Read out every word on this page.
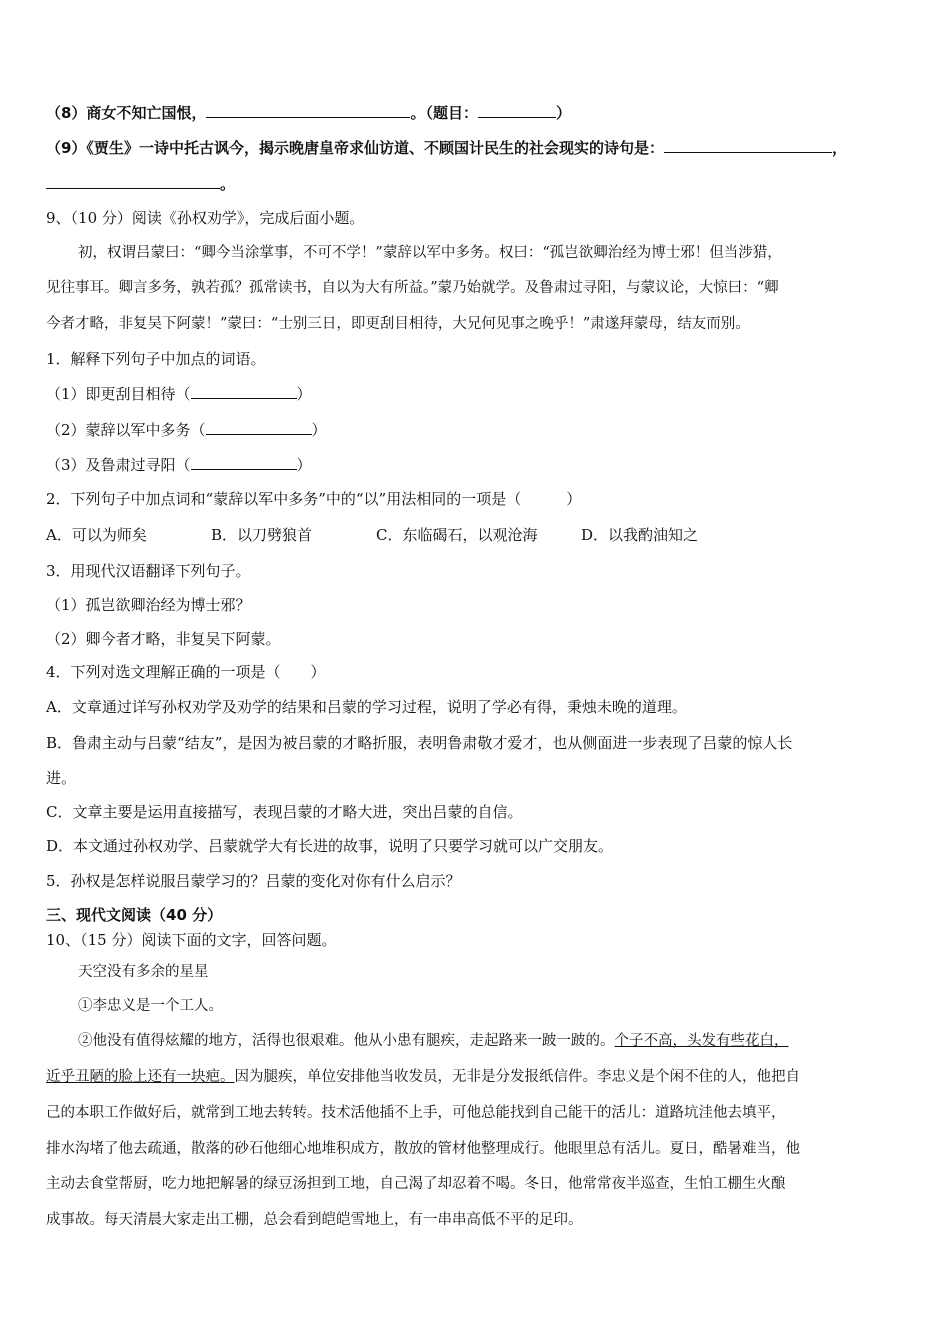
（8）商女不知亡国恨，	。（题目：	）
（9）《贾生》一诗中托古讽今，揭示晚唐皇帝求仙访道、不顾国计民生的社会现实的诗句是：	，
。
9、（10 分）阅读《孙权劝学》，完成后面小题。
初，权谓吕蒙曰：“卿今当涂掌事，不可不学！”蒙辞以军中多务。权曰：“孤岂欲卿治经为博士邪！但当涉猎，
见往事耳。卿言多务，孰若孤？孤常读书，自以为大有所益。”蒙乃始就学。及鲁肃过寻阳，与蒙议论，大惊曰：“卿
今者才略，非复吴下阿蒙！”蒙曰：“士别三日，即更刮目相待，大兄何见事之晚乎！”肃遂拜蒙母，结友而别。
1．解释下列句子中加点的词语。
（1）即更刮目相待（	）
（2）蒙辞以军中多务（	）
（3）及鲁肃过寻阳（	）
2．下列句子中加点词和“蒙辞以军中多务”中的“以”用法相同的一项是（　　　）
A．可以为师矣	B．以刀劈狼首	C．东临碣石，以观沧海	D．以我酌油知之
3．用现代汉语翻译下列句子。
（1）孤岂欲卿治经为博士邪？
（2）卿今者才略，非复吴下阿蒙。
4．下列对选文理解正确的一项是（　　）
A．文章通过详写孙权劝学及劝学的结果和吕蒙的学习过程，说明了学必有得，秉烛未晚的道理。
B．鲁肃主动与吕蒙“结友”，是因为被吕蒙的才略折服，表明鲁肃敬才爱才，也从侧面进一步表现了吕蒙的惊人长
进。
C．文章主要是运用直接描写，表现吕蒙的才略大进，突出吕蒙的自信。
D．本文通过孙权劝学、吕蒙就学大有长进的故事，说明了只要学习就可以广交朋友。
5．孙权是怎样说服吕蒙学习的？吕蒙的变化对你有什么启示？
三、现代文阅读（40 分）
10、（15 分）阅读下面的文字，回答问题。
天空没有多余的星星
①李忠义是一个工人。
②他没有值得炫耀的地方，活得也很艰难。他从小患有腿疾，走起路来一跛一跛的。个子不高，头发有些花白，
近乎丑陋的脸上还有一块疤。因为腿疾，单位安排他当收发员，无非是分发报纸信件。李忠义是个闲不住的人，他把自
己的本职工作做好后，就常到工地去转转。技术活他插不上手，可他总能找到自己能干的活儿：道路坑洼他去填平，
排水沟堵了他去疏通，散落的砂石他细心地堆积成方，散放的管材他整理成行。他眼里总有活儿。夏日，酷暑难当，他
主动去食堂帮厨，吃力地把解暑的绿豆汤担到工地，自己渴了却忍着不喝。冬日，他常常夜半巡查，生怕工棚生火酿
成事故。每天清晨大家走出工棚，总会看到皑皑雪地上，有一串串高低不平的足印。
